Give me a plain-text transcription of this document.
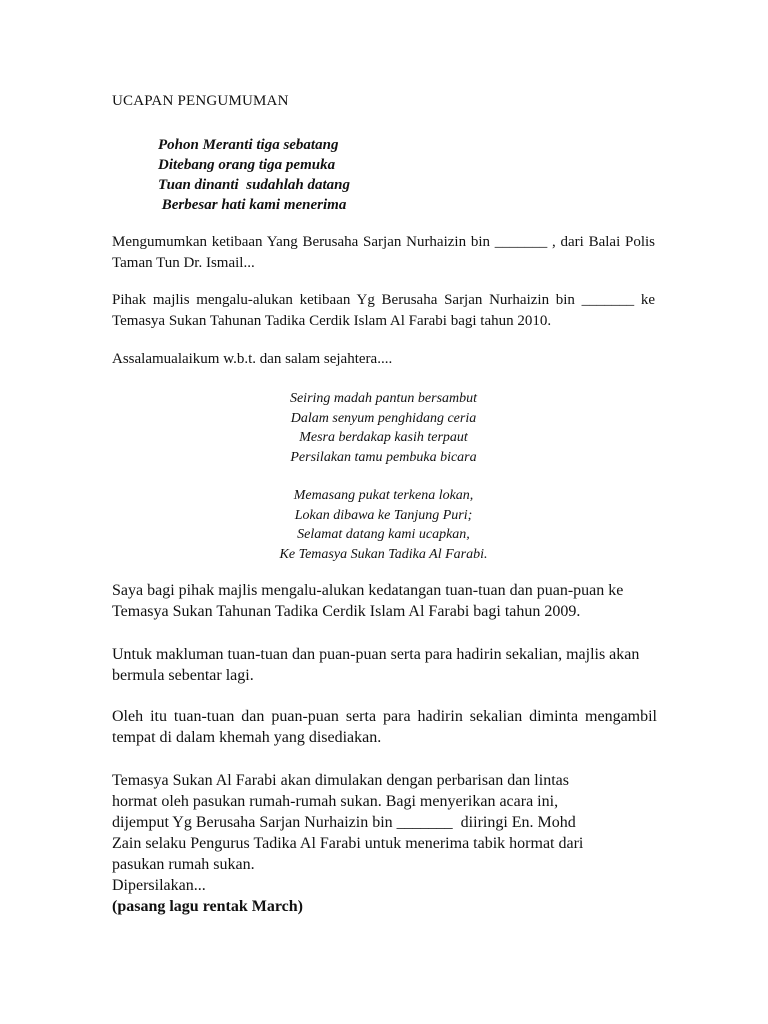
UCAPAN PENGUMUMAN
Pohon Meranti tiga sebatang
Ditebang orang tiga pemuka
Tuan dinanti  sudahlah datang
Berbesar hati kami menerima
Mengumumkan ketibaan Yang Berusaha Sarjan Nurhaizin bin _______ , dari Balai Polis Taman Tun Dr. Ismail...
Pihak majlis mengalu-alukan ketibaan Yg Berusaha Sarjan Nurhaizin bin _______ ke Temasya Sukan Tahunan Tadika Cerdik Islam Al Farabi bagi tahun 2010.
Assalamualaikum w.b.t. dan salam sejahtera....
Seiring madah pantun bersambut
Dalam senyum penghidang ceria
Mesra berdakap kasih terpaut
Persilakan tamu pembuka bicara
Memasang pukat terkena lokan,
Lokan dibawa ke Tanjung Puri;
Selamat datang kami ucapkan,
Ke Temasya Sukan Tadika Al Farabi.
Saya bagi pihak majlis mengalu-alukan kedatangan tuan-tuan dan puan-puan ke Temasya Sukan Tahunan Tadika Cerdik Islam Al Farabi bagi tahun 2009.
Untuk makluman tuan-tuan dan puan-puan serta para hadirin sekalian, majlis akan bermula sebentar lagi.
Oleh itu tuan-tuan dan puan-puan serta para hadirin sekalian diminta mengambil tempat di dalam khemah yang disediakan.
Temasya Sukan Al Farabi akan dimulakan dengan perbarisan dan lintas
hormat oleh pasukan rumah-rumah sukan. Bagi menyerikan acara ini,
dijemput Yg Berusaha Sarjan Nurhaizin bin _______  diiringi En. Mohd
Zain selaku Pengurus Tadika Al Farabi untuk menerima tabik hormat dari
pasukan rumah sukan.
Dipersilakan...
(pasang lagu rentak March)
